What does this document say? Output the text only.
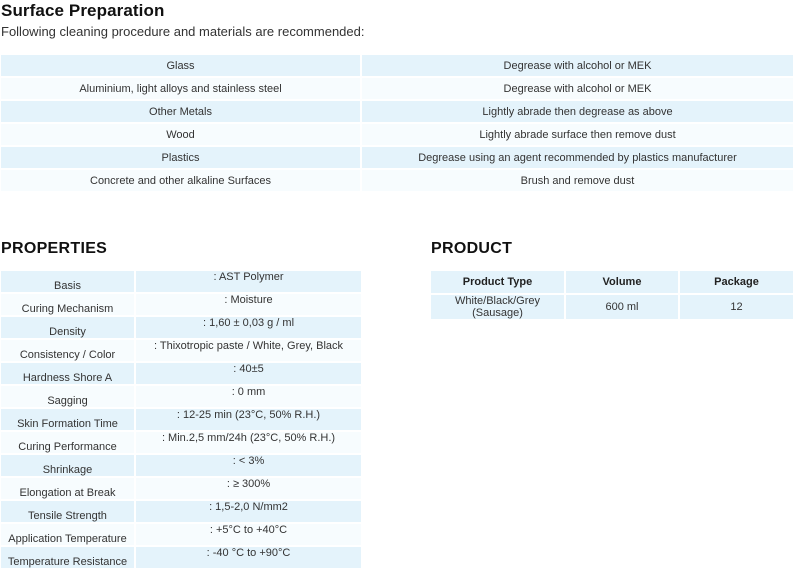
Surface Preparation
Following cleaning procedure and materials are recommended:
Glass	Degrease with alcohol or MEK
Aluminium, light alloys and stainless steel	Degrease with alcohol or MEK
Other Metals	Lightly abrade then degrease as above
Wood	Lightly abrade surface then remove dust
Plastics	Degrease using an agent recommended by plastics manufacturer
Concrete and other alkaline Surfaces	Brush and remove dust
PROPERTIES	PRODUCT
Basis	: AST Polymer
Curing Mechanism	: Moisture
Density	: 1,60 ± 0,03 g / ml
Consistency / Color	: Thixotropic paste / White, Grey, Black
Hardness Shore A	: 40±5
Sagging	: 0 mm
Skin Formation Time	: 12-25 min (23°C, 50% R.H.)
Curing Performance	: Min.2,5 mm/24h (23°C, 50% R.H.)
Shrinkage	: < 3%
Elongation at Break	: ≥ 300%
Tensile Strength	: 1,5-2,0 N/mm2
Application Temperature	: +5°C to +40°C
Temperature Resistance	: -40 °C to +90°C
Product Type	Volume	Package
White/Black/Grey (Sausage)	600 ml	12
